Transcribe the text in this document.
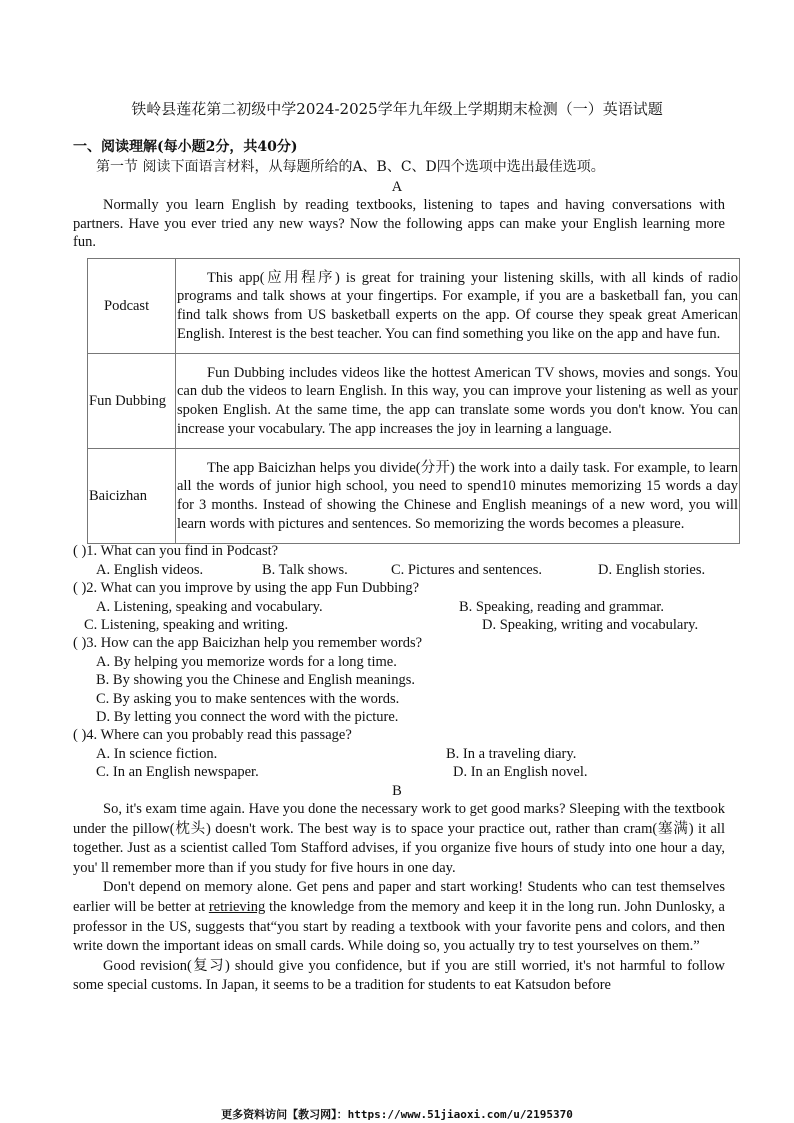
铁岭县莲花第二初级中学2024-2025学年九年级上学期期末检测（一）英语试题
一、阅读理解(每小题2分，共40分)
第一节 阅读下面语言材料，从每题所给的A、B、C、D四个选项中选出最佳选项。
A

Normally you learn English by reading textbooks, listening to tapes and having conversations with partners. Have you ever tried any new ways? Now the following apps can make your English learning more fun.

Podcast	This app(应用程序) is great for training your listening skills, with all kinds of radio programs and talk shows at your fingertips. For example, if you are a basketball fan, you can find talk shows from US basketball experts on the app. Of course they speak great American English. Interest is the best teacher. You can find something you like on the app and have fun.
Fun Dubbing	Fun Dubbing includes videos like the hottest American TV shows, movies and songs. You can dub the videos to learn English. In this way, you can improve your listening as well as your spoken English. At the same time, the app can translate some words you don't know. You can increase your vocabulary. The app increases the joy in learning a language.
Baicizhan	The app Baicizhan helps you divide(分开) the work into a daily task. For example, to learn all the words of junior high school, you need to spend10 minutes memorizing 15 words a day for 3 months. Instead of showing the Chinese and English meanings of a new word, you will learn words with pictures and sentences. So memorizing the words becomes a pleasure.
( )1. What can you find in Podcast?
A. English videos.	B. Talk shows.	C. Pictures and sentences.	D. English stories.
( )2. What can you improve by using the app Fun Dubbing?
A. Listening, speaking and vocabulary.	B. Speaking, reading and grammar.
C. Listening, speaking and writing.	D. Speaking, writing and vocabulary.
( )3. How can the app Baicizhan help you remember words?
A. By helping you memorize words for a long time.
B. By showing you the Chinese and English meanings.
C. By asking you to make sentences with the words.
D. By letting you connect the word with the picture.
( )4. Where can you probably read this passage?
A. In science fiction.	B. In a traveling diary.
C. In an English newspaper.	D. In an English novel.
B

So, it's exam time again. Have you done the necessary work to get good marks? Sleeping with the textbook under the pillow(枕头) doesn't work. The best way is to space your practice out, rather than cram(塞满) it all together. Just as a scientist called Tom Stafford advises, if you organize five hours of study into one hour a day, you' ll remember more than if you study for five hours in one day.

Don't depend on memory alone. Get pens and paper and start working! Students who can test themselves earlier will be better at retrieving the knowledge from the memory and keep it in the long run. John Dunlosky, a professor in the US, suggests that“you start by reading a textbook with your favorite pens and colors, and then write down the important ideas on small cards. While doing so, you actually try to test yourselves on them.”

Good revision(复习) should give you confidence, but if you are still worried, it's not harmful to follow some special customs. In Japan, it seems to be a tradition for students to eat Katsudon before

更多资料访问【教习网】：https://www.51jiaoxi.com/u/2195370
